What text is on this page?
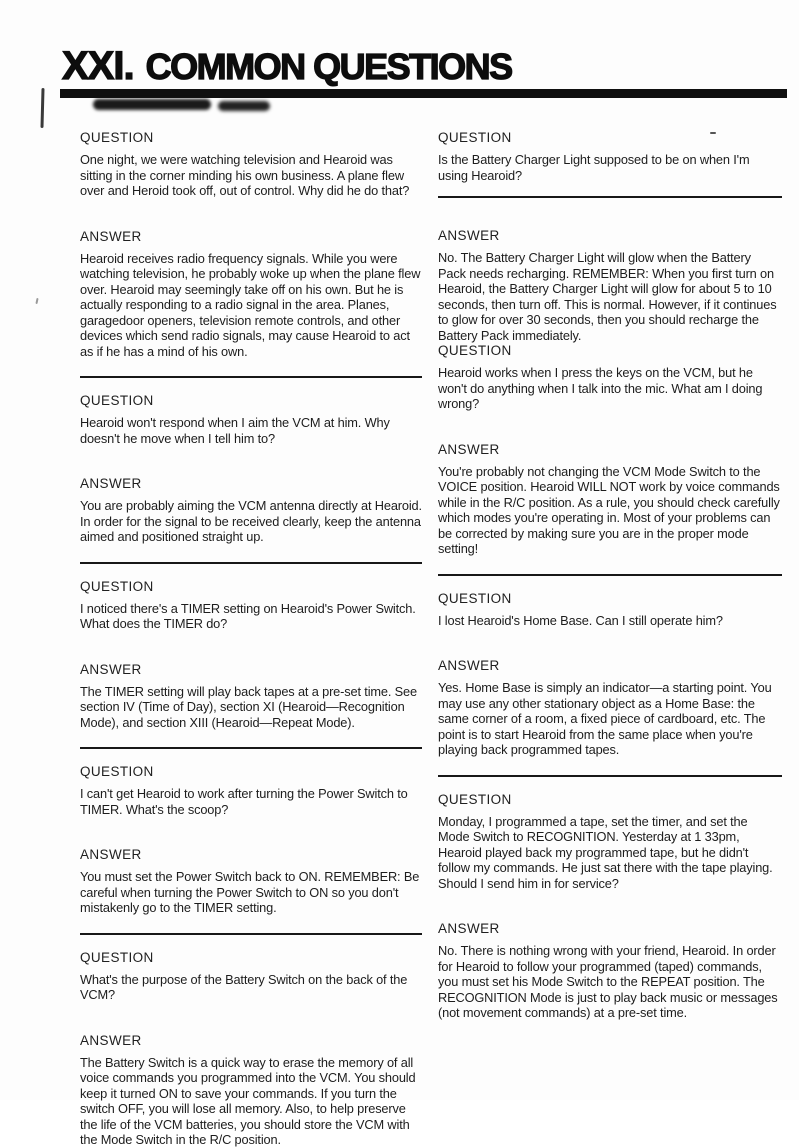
XXI. COMMON QUESTIONS
QUESTION

One night, we were watching television and Hearoid was sitting in the corner minding his own business. A plane flew over and Heroid took off, out of control. Why did he do that?

ANSWER

Hearoid receives radio frequency signals. While you were watching television, he probably woke up when the plane flew over. Hearoid may seemingly take off on his own. But he is actually responding to a radio signal in the area. Planes, garagedoor openers, television remote controls, and other devices which send radio signals, may cause Hearoid to act as if he has a mind of his own.

QUESTION

Hearoid won't respond when I aim the VCM at him. Why doesn't he move when I tell him to?

ANSWER

You are probably aiming the VCM antenna directly at Hearoid. In order for the signal to be received clearly, keep the antenna aimed and positioned straight up.

QUESTION

I noticed there's a TIMER setting on Hearoid's Power Switch. What does the TIMER do?

ANSWER

The TIMER setting will play back tapes at a pre-set time. See section IV (Time of Day), section XI (Hearoid—Recognition Mode), and section XIII (Hearoid—Repeat Mode).

QUESTION

I can't get Hearoid to work after turning the Power Switch to TIMER. What's the scoop?

ANSWER

You must set the Power Switch back to ON. REMEMBER: Be careful when turning the Power Switch to ON so you don't mistakenly go to the TIMER setting.

QUESTION

What's the purpose of the Battery Switch on the back of the VCM?

ANSWER

The Battery Switch is a quick way to erase the memory of all voice commands you programmed into the VCM. You should keep it turned ON to save your commands. If you turn the switch OFF, you will lose all memory. Also, to help preserve the life of the VCM batteries, you should store the VCM with the Mode Switch in the R/C position.

QUESTION

Is the Battery Charger Light supposed to be on when I'm using Hearoid?

ANSWER

No. The Battery Charger Light will glow when the Battery Pack needs recharging. REMEMBER: When you first turn on Hearoid, the Battery Charger Light will glow for about 5 to 10 seconds, then turn off. This is normal. However, if it continues to glow for over 30 seconds, then you should recharge the Battery Pack immediately.

QUESTION

Hearoid works when I press the keys on the VCM, but he won't do anything when I talk into the mic. What am I doing wrong?

ANSWER

You're probably not changing the VCM Mode Switch to the VOICE position. Hearoid WILL NOT work by voice commands while in the R/C position. As a rule, you should check carefully which modes you're operating in. Most of your problems can be corrected by making sure you are in the proper mode setting!

QUESTION

I lost Hearoid's Home Base. Can I still operate him?

ANSWER

Yes. Home Base is simply an indicator—a starting point. You may use any other stationary object as a Home Base: the same corner of a room, a fixed piece of cardboard, etc. The point is to start Hearoid from the same place when you're playing back programmed tapes.

QUESTION

Monday, I programmed a tape, set the timer, and set the Mode Switch to RECOGNITION. Yesterday at 1 33pm, Hearoid played back my programmed tape, but he didn't follow my commands. He just sat there with the tape playing. Should I send him in for service?

ANSWER

No. There is nothing wrong with your friend, Hearoid. In order for Hearoid to follow your programmed (taped) commands, you must set his Mode Switch to the REPEAT position. The RECOGNITION Mode is just to play back music or messages (not movement commands) at a pre-set time.
